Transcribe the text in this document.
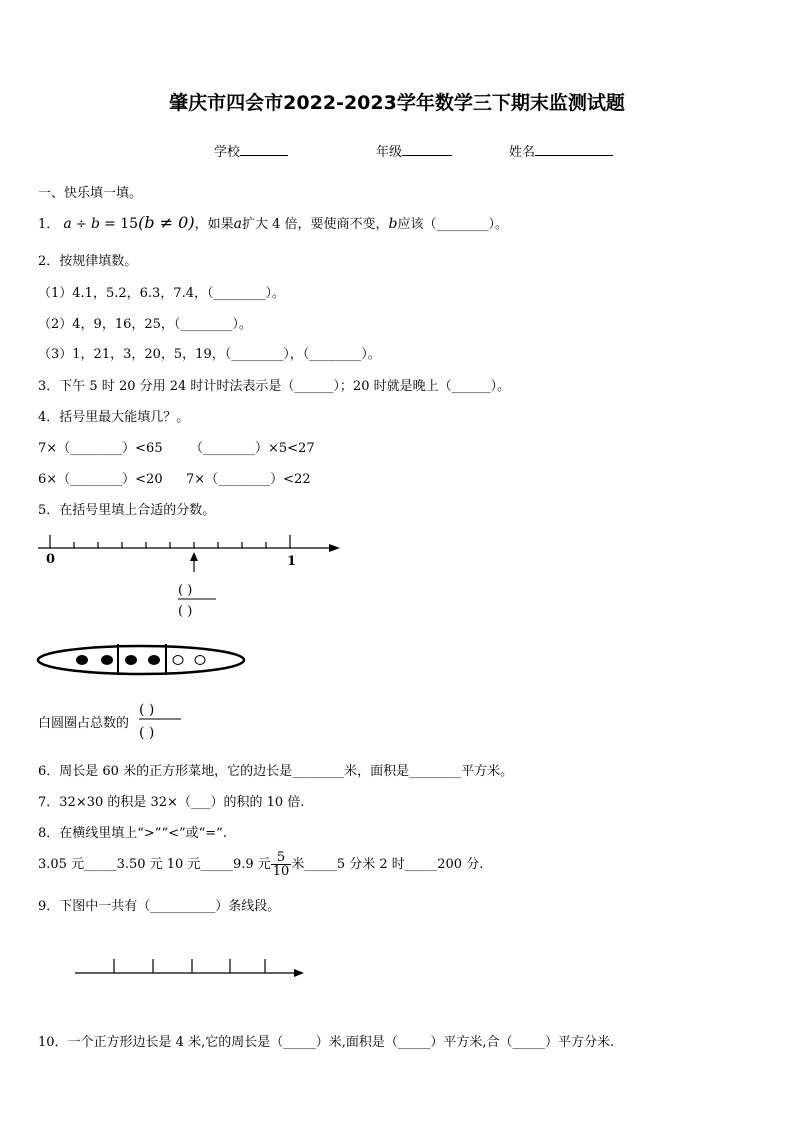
肇庆市四会市2022-2023学年数学三下期末监测试题
学校	年级	姓名
一、快乐填一填。
1． a ÷ b = 15(b ≠ 0)，如果a扩大 4 倍，要使商不变，b应该（________）。
2．按规律填数。
（1）4.1，5.2，6.3，7.4，（________）。
（2）4，9，16，25，（________）。
（3）1，21，3，20，5，19，（________），（________）。
3．下午 5 时 20 分用 24 时计时法表示是（______）；20 时就是晚上（______）。
4．括号里最大能填几？。
7×（________）<65 （________）×5<27
6×（________）<20 7×（________）<22
5．在括号里填上合适的分数。
0	1
( )
( )
白圆圈占总数的
( )
( )
6．周长是 60 米的正方形菜地，它的边长是________米，面积是________平方米。
7．32×30 的积是 32×（___）的积的 10 倍.
8．在横线里填上“>”“<”或“=”.
3.05 元_____3.50 元 10 元_____9.9 元 $\frac{5}{10}$ 米_____5 分米 2 时_____200 分.
9．下图中一共有（__________）条线段。
10．一个正方形边长是 4 米,它的周长是（_____）米,面积是（_____）平方米,合（_____）平方分米.
